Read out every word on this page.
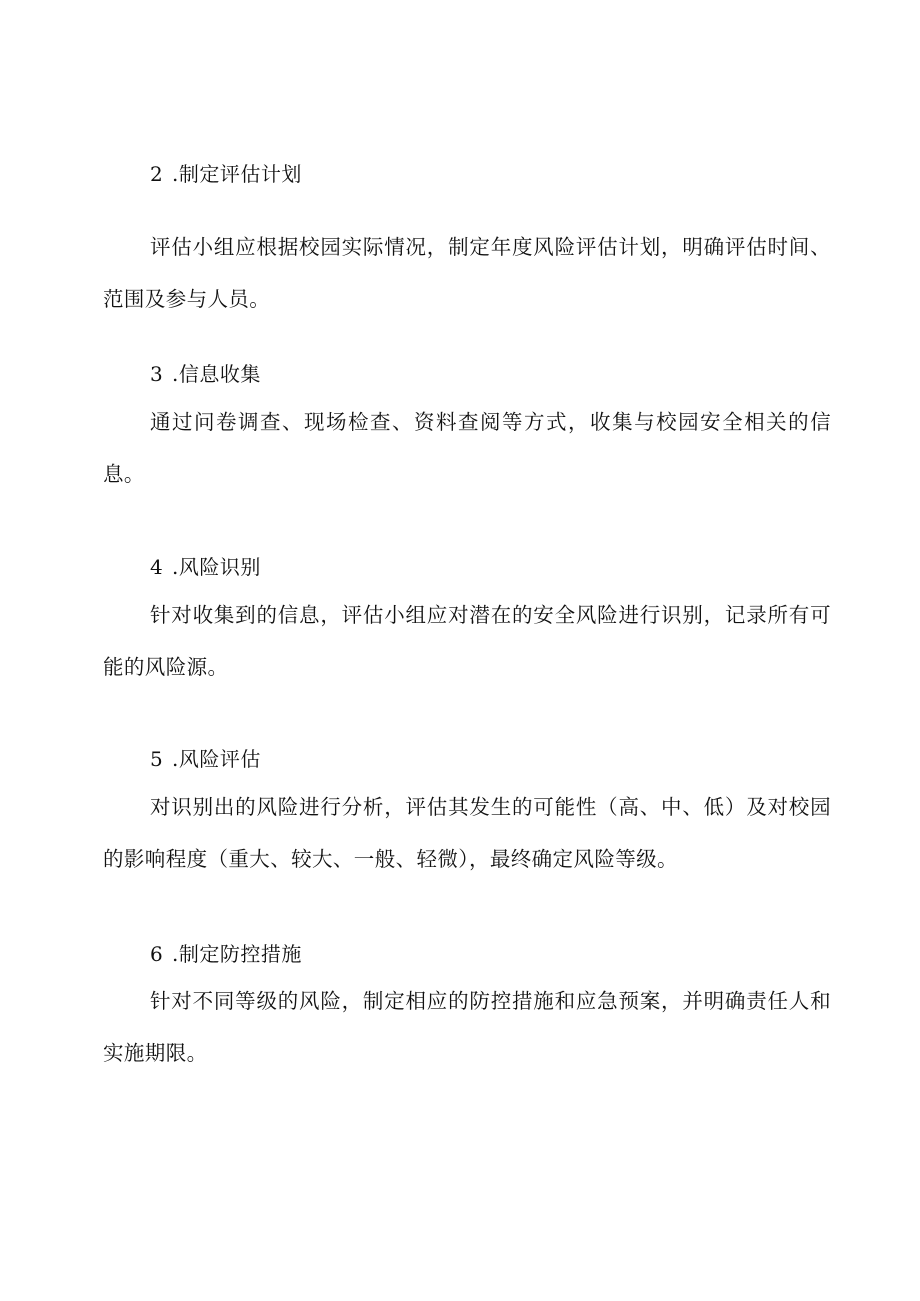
2 .制定评估计划
评估小组应根据校园实际情况，制定年度风险评估计划，明确评估时间、范围及参与人员。
3 .信息收集
通过问卷调查、现场检查、资料查阅等方式，收集与校园安全相关的信息。
4 .风险识别
针对收集到的信息，评估小组应对潜在的安全风险进行识别，记录所有可能的风险源。
5 .风险评估
对识别出的风险进行分析，评估其发生的可能性（高、中、低）及对校园的影响程度（重大、较大、一般、轻微），最终确定风险等级。
6 .制定防控措施
针对不同等级的风险，制定相应的防控措施和应急预案，并明确责任人和实施期限。
